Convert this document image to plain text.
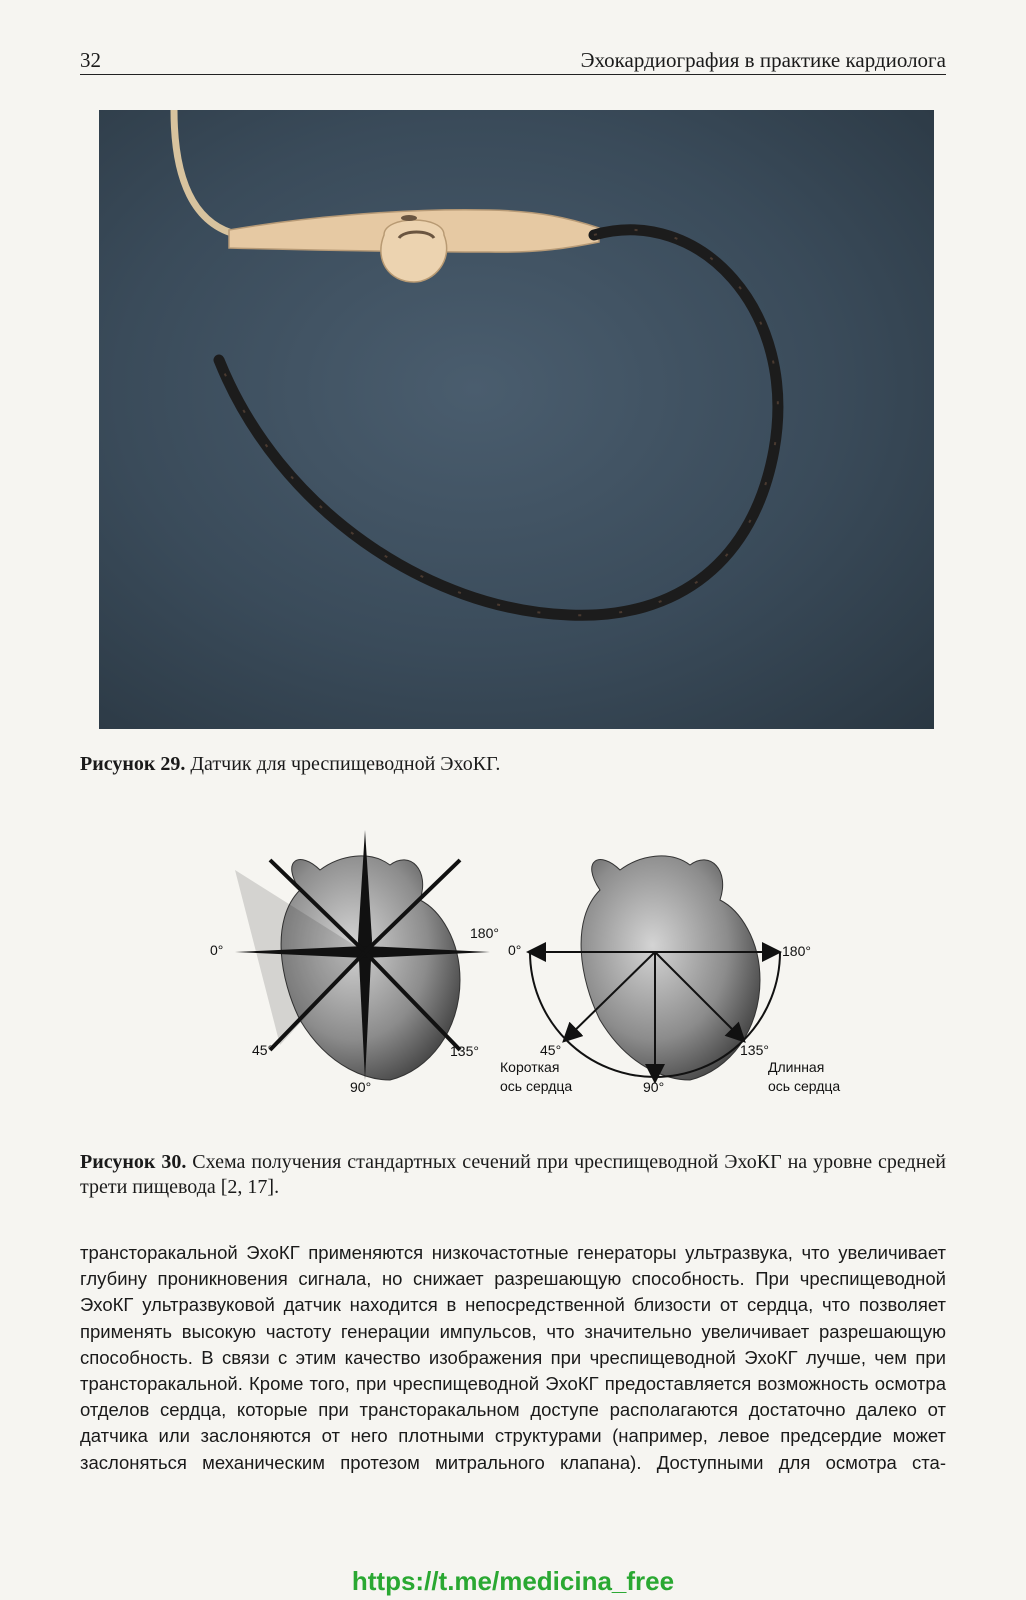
32	Эхокардиография в практике кардиолога
Рисунок 29. Датчик для чреспищеводной ЭхоКГ.
0°
180°
45°	135°
90°
0°	180°
45°	135°
90°
Короткая
ось сердца
Длинная
ось сердца
Рисунок 30. Схема получения стандартных сечений при чреспищеводной ЭхоКГ на уровне средней трети пищевода [2, 17].
трансторакальной ЭхоКГ применяются низкочастотные генераторы ультразвука, что увеличивает глубину проникновения сигнала, но снижает разрешающую способность. При чреспищеводной ЭхоКГ ультразвуковой датчик находится в непосредственной близости от сердца, что позволяет применять высокую частоту генерации импульсов, что значительно увеличивает разрешающую способность. В связи с этим качество изображения при чреспищеводной ЭхоКГ лучше, чем при трансторакальной. Кроме того, при чреспищеводной ЭхоКГ предоставляется возможность осмотра отделов сердца, которые при трансторакальном доступе располагаются достаточно далеко от датчика или заслоняются от него плотными структурами (например, левое предсердие может заслоняться механическим протезом митрального клапана). Доступными для осмотра ста-
https://t.me/medicina_free
